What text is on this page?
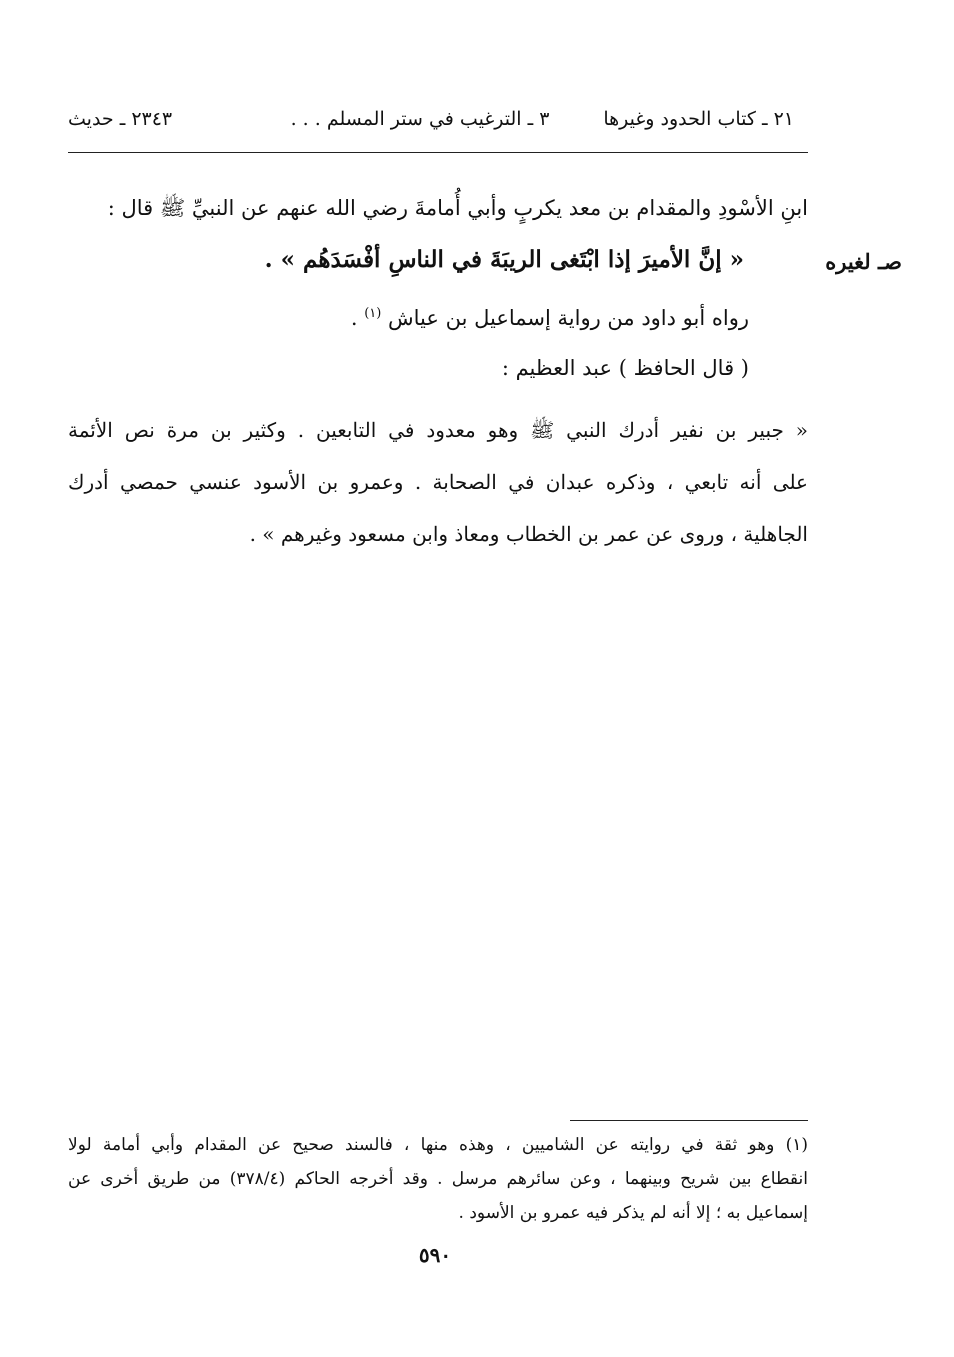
٢١ ـ كتاب الحدود وغيرها
٣ ـ الترغيب في ستر المسلم . . .
٢٣٤٣ ـ حديث
ابنِ الأسْودِ والمقدام بن معد يكربٍ وأبي أُمامةَ رضي الله عنهم عن النبيِّ ﷺ قال :
« إنَّ الأميرَ إذا ابْتَغى الريبَةَ في الناسِ أفْسَدَهُم » .	صـ لغيره
رواه أبو داود من رواية إسماعيل بن عياش $^{(١)}$ .
( قال الحافظ ) عبد العظيم :
« جبير بن نفير أدرك النبي ﷺ وهو معدود في التابعين . وكثير بن مرة نص الأئمة
على أنه تابعي ، وذكره عبدان في الصحابة . وعمرو بن الأسود عنسي حمصي أدرك
الجاهلية ، وروى عن عمر بن الخطاب ومعاذ وابن مسعود وغيرهم » .
(١) وهو ثقة في روايته عن الشاميين ، وهذه منها ، فالسند صحيح عن المقدام وأبي أمامة لولا
انقطاع بين شريح وبينهما ، وعن سائرهم مرسل . وقد أخرجه الحاكم (٣٧٨/٤) من طريق أخرى عن
إسماعيل به ؛ إلا أنه لم يذكر فيه عمرو بن الأسود .
٥٩٠
